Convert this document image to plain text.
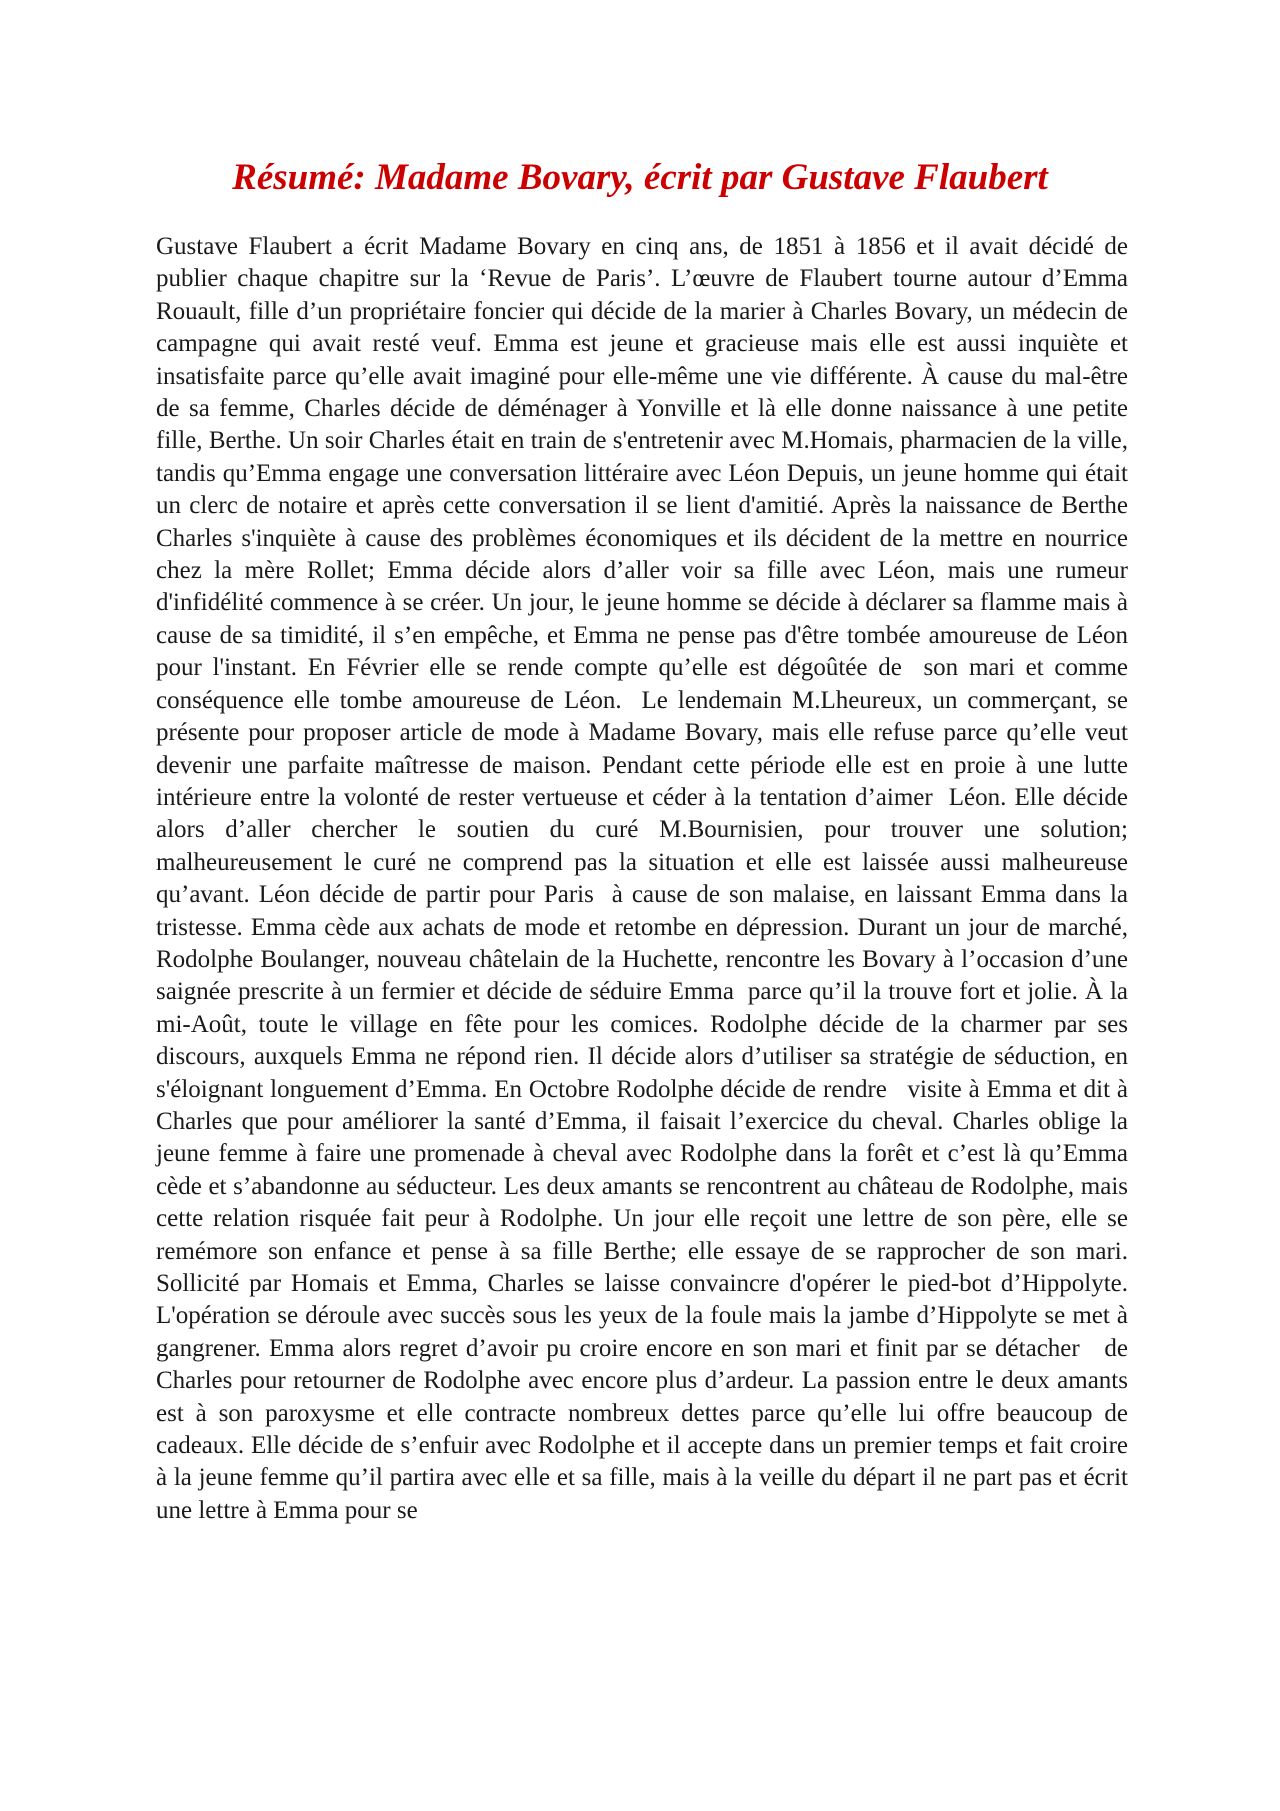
Résumé: Madame Bovary, écrit par Gustave Flaubert

Gustave Flaubert a écrit Madame Bovary en cinq ans, de 1851 à 1856 et il avait décidé de publier chaque chapitre sur la ‘Revue de Paris’. L’œuvre de Flaubert tourne autour d’Emma Rouault, fille d’un propriétaire foncier qui décide de la marier à Charles Bovary, un médecin de campagne qui avait resté veuf. Emma est jeune et gracieuse mais elle est aussi inquiète et insatisfaite parce qu’elle avait imaginé pour elle-même une vie différente. À cause du mal-être de sa femme, Charles décide de déménager à Yonville et là elle donne naissance à une petite fille, Berthe. Un soir Charles était en train de s'entretenir avec M.Homais, pharmacien de la ville, tandis qu’Emma engage une conversation littéraire avec Léon Depuis, un jeune homme qui était un clerc de notaire et après cette conversation il se lient d'amitié. Après la naissance de Berthe Charles s'inquiète à cause des problèmes économiques et ils décident de la mettre en nourrice chez la mère Rollet; Emma décide alors d’aller voir sa fille avec Léon, mais une rumeur d'infidélité commence à se créer. Un jour, le jeune homme se décide à déclarer sa flamme mais à cause de sa timidité, il s’en empêche, et Emma ne pense pas d'être tombée amoureuse de Léon pour l'instant. En Février elle se rende compte qu’elle est dégoûtée de  son mari et comme conséquence elle tombe amoureuse de Léon.  Le lendemain M.Lheureux, un commerçant, se présente pour proposer article de mode à Madame Bovary, mais elle refuse parce qu’elle veut devenir une parfaite maîtresse de maison. Pendant cette période elle est en proie à une lutte intérieure entre la volonté de rester vertueuse et céder à la tentation d’aimer  Léon. Elle décide alors d’aller chercher le soutien du curé M.Bournisien, pour trouver une solution; malheureusement le curé ne comprend pas la situation et elle est laissée aussi malheureuse qu’avant. Léon décide de partir pour Paris  à cause de son malaise, en laissant Emma dans la tristesse. Emma cède aux achats de mode et retombe en dépression. Durant un jour de marché, Rodolphe Boulanger, nouveau châtelain de la Huchette, rencontre les Bovary à l’occasion d’une saignée prescrite à un fermier et décide de séduire Emma  parce qu’il la trouve fort et jolie. À la mi-Août, toute le village en fête pour les comices. Rodolphe décide de la charmer par ses discours, auxquels Emma ne répond rien. Il décide alors d’utiliser sa stratégie de séduction, en s'éloignant longuement d’Emma. En Octobre Rodolphe décide de rendre   visite à Emma et dit à Charles que pour améliorer la santé d’Emma, il faisait l’exercice du cheval. Charles oblige la jeune femme à faire une promenade à cheval avec Rodolphe dans la forêt et c’est là qu’Emma cède et s’abandonne au séducteur. Les deux amants se rencontrent au château de Rodolphe, mais cette relation risquée fait peur à Rodolphe. Un jour elle reçoit une lettre de son père, elle se remémore son enfance et pense à sa fille Berthe; elle essaye de se rapprocher de son mari. Sollicité par Homais et Emma, Charles se laisse convaincre d'opérer le pied-bot d’Hippolyte. L'opération se déroule avec succès sous les yeux de la foule mais la jambe d’Hippolyte se met à gangrener. Emma alors regret d’avoir pu croire encore en son mari et finit par se détacher   de Charles pour retourner de Rodolphe avec encore plus d’ardeur. La passion entre le deux amants est à son paroxysme et elle contracte nombreux dettes parce qu’elle lui offre beaucoup de cadeaux. Elle décide de s’enfuir avec Rodolphe et il accepte dans un premier temps et fait croire à la jeune femme qu’il partira avec elle et sa fille, mais à la veille du départ il ne part pas et écrit une lettre à Emma pour se
